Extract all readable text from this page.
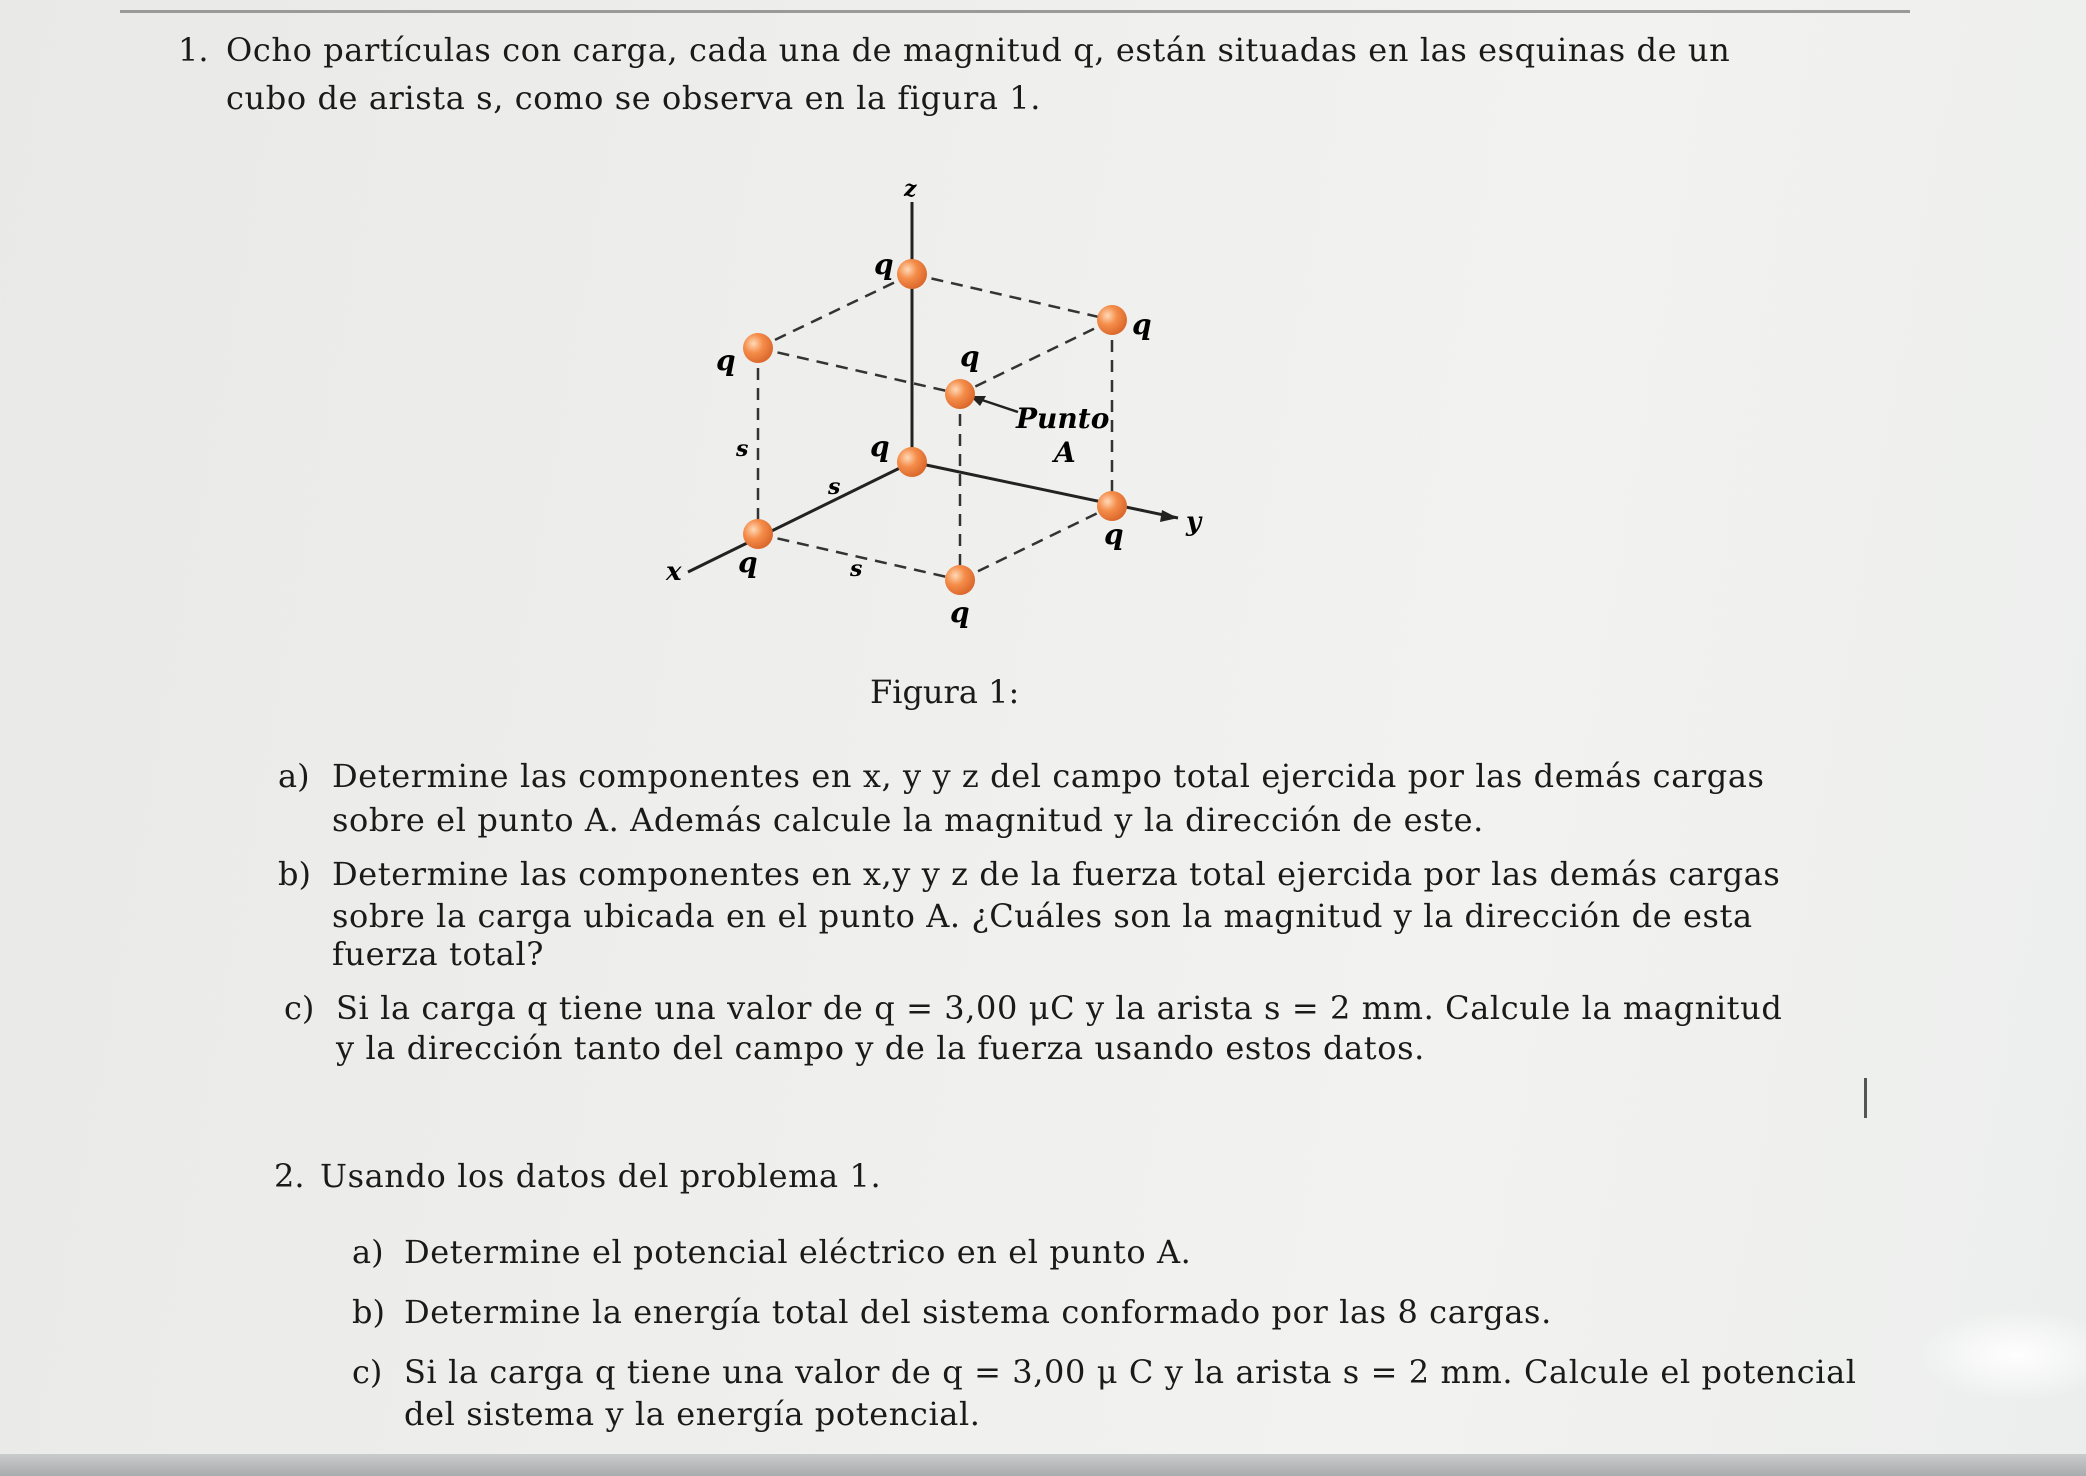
1. Ocho partículas con carga, cada una de magnitud q, están situadas en las esquinas de un

cubo de arista s, como se observa en la figura 1.

z
y
x
q
q
q	q
q
q
q
q
s
s
s
Punto
A

Figura 1:

a) Determine las componentes en x, y y z del campo total ejercida por las demás cargas

sobre el punto A. Además calcule la magnitud y la dirección de este.

b) Determine las componentes en x,y y z de la fuerza total ejercida por las demás cargas

sobre la carga ubicada en el punto A. ¿Cuáles son la magnitud y la dirección de esta

fuerza total?

c) Si la carga q tiene una valor de q = 3,00 μC y la arista s = 2 mm. Calcule la magnitud

y la dirección tanto del campo y de la fuerza usando estos datos.

2. Usando los datos del problema 1.

a) Determine el potencial eléctrico en el punto A.

b) Determine la energía total del sistema conformado por las 8 cargas.

c) Si la carga q tiene una valor de q = 3,00 μ C y la arista s = 2 mm. Calcule el potencial

del sistema y la energía potencial.
